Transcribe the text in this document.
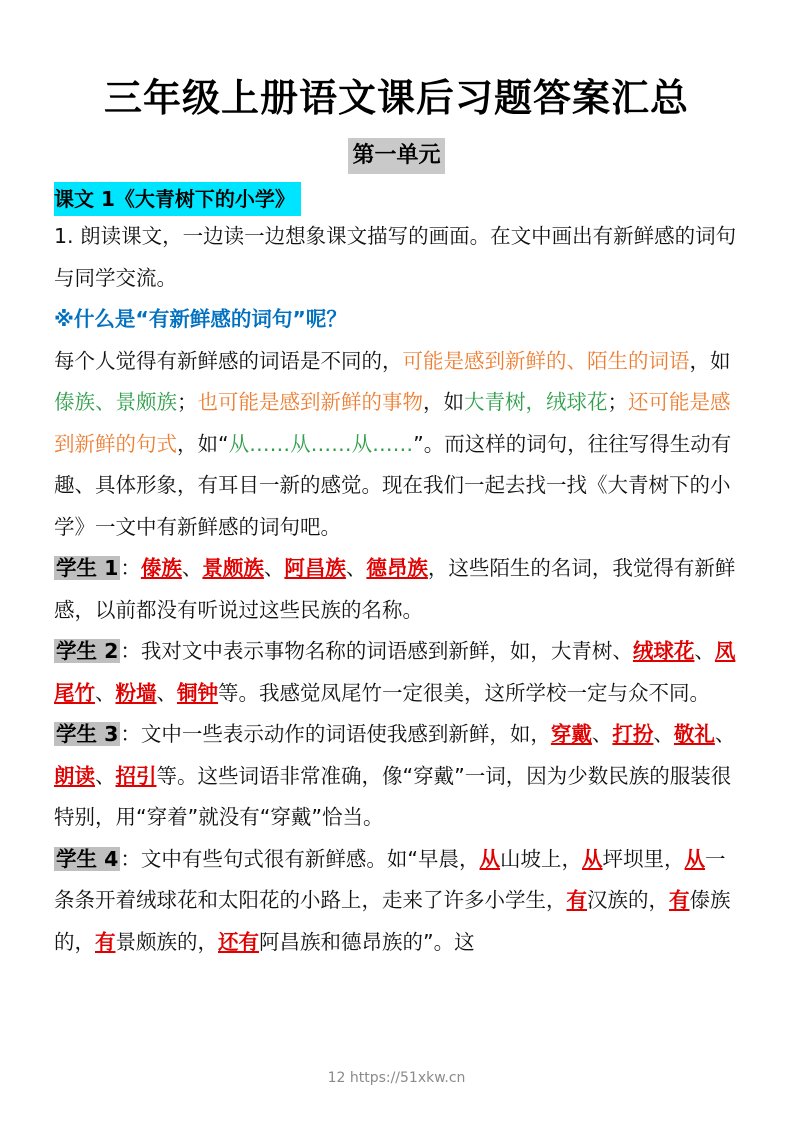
三年级上册语文课后习题答案汇总
第一单元
课文 1《大青树下的小学》

1. 朗读课文，一边读一边想象课文描写的画面。在文中画出有新鲜感的词句与同学交流。

※什么是“有新鲜感的词句”呢？

每个人觉得有新鲜感的词语是不同的，可能是感到新鲜的、陌生的词语，如傣族、景颇族；也可能是感到新鲜的事物，如大青树，绒球花；还可能是感到新鲜的句式，如“从……从……从……”。而这样的词句，往往写得生动有趣、具体形象，有耳目一新的感觉。现在我们一起去找一找《大青树下的小学》一文中有新鲜感的词句吧。

学生 1：傣族、景颇族、阿昌族、德昂族，这些陌生的名词，我觉得有新鲜感，以前都没有听说过这些民族的名称。

学生 2：我对文中表示事物名称的词语感到新鲜，如，大青树、绒球花、凤尾竹、粉墙、铜钟等。我感觉凤尾竹一定很美，这所学校一定与众不同。

学生 3：文中一些表示动作的词语使我感到新鲜，如，穿戴、打扮、敬礼、朗读、招引等。这些词语非常准确，像“穿戴”一词，因为少数民族的服装很特别，用“穿着”就没有“穿戴”恰当。

学生 4：文中有些句式很有新鲜感。如“早晨，从山坡上，从坪坝里，从一条条开着绒球花和太阳花的小路上，走来了许多小学生，有汉族的，有傣族的，有景颇族的，还有阿昌族和德昂族的”。这

12 https://51xkw.cn
